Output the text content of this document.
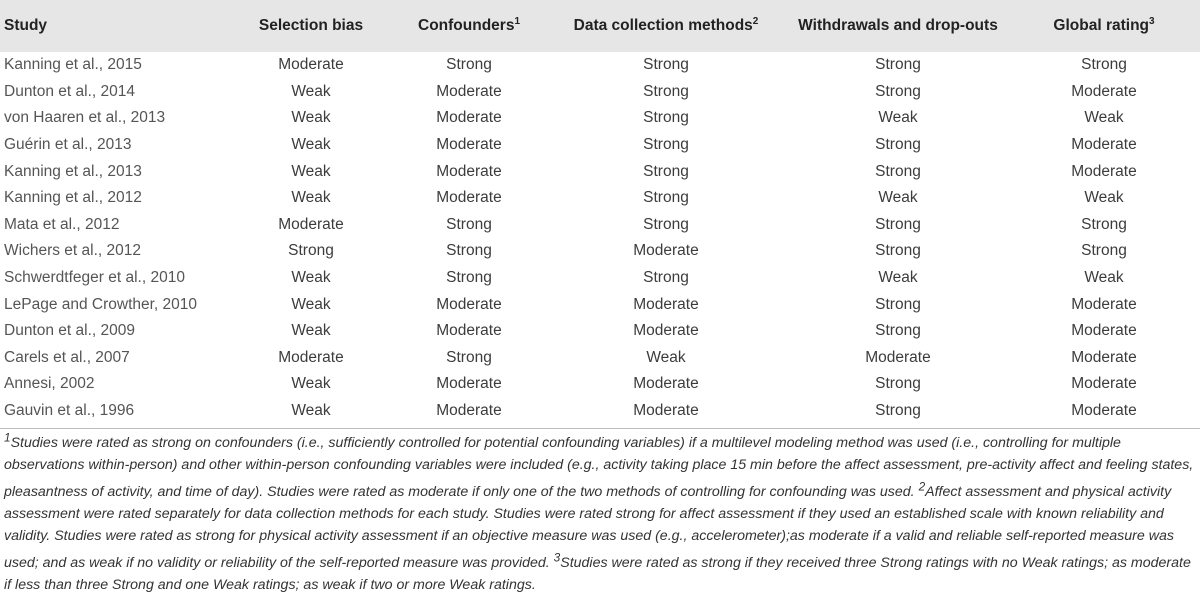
Study	Selection bias	Confounders$^1$	Data collection methods$^2$	Withdrawals and drop-outs	Global rating$^3$
Kanning et al., 2015	Moderate	Strong	Strong	Strong	Strong
Dunton et al., 2014	Weak	Moderate	Strong	Strong	Moderate
von Haaren et al., 2013	Weak	Moderate	Strong	Weak	Weak
Guérin et al., 2013	Weak	Moderate	Strong	Strong	Moderate
Kanning et al., 2013	Weak	Moderate	Strong	Strong	Moderate
Kanning et al., 2012	Weak	Moderate	Strong	Weak	Weak
Mata et al., 2012	Moderate	Strong	Strong	Strong	Strong
Wichers et al., 2012	Strong	Strong	Moderate	Strong	Strong
Schwerdtfeger et al., 2010	Weak	Strong	Strong	Weak	Weak
LePage and Crowther, 2010	Weak	Moderate	Moderate	Strong	Moderate
Dunton et al., 2009	Weak	Moderate	Moderate	Strong	Moderate
Carels et al., 2007	Moderate	Strong	Weak	Moderate	Moderate
Annesi, 2002	Weak	Moderate	Moderate	Strong	Moderate
Gauvin et al., 1996	Weak	Moderate	Moderate	Strong	Moderate
$^1$Studies were rated as strong on confounders (i.e., sufficiently controlled for potential confounding variables) if a multilevel modeling method was used (i.e., controlling for multiple observations within-person) and other within-person confounding variables were included (e.g., activity taking place 15 min before the affect assessment, pre-activity affect and feeling states, pleasantness of activity, and time of day). Studies were rated as moderate if only one of the two methods of controlling for confounding was used. $^2$Affect assessment and physical activity assessment were rated separately for data collection methods for each study. Studies were rated strong for affect assessment if they used an established scale with known reliability and validity. Studies were rated as strong for physical activity assessment if an objective measure was used (e.g., accelerometer);as moderate if a valid and reliable self-reported measure was used; and as weak if no validity or reliability of the self-reported measure was provided. $^3$Studies were rated as strong if they received three Strong ratings with no Weak ratings; as moderate if less than three Strong and one Weak ratings; as weak if two or more Weak ratings.
